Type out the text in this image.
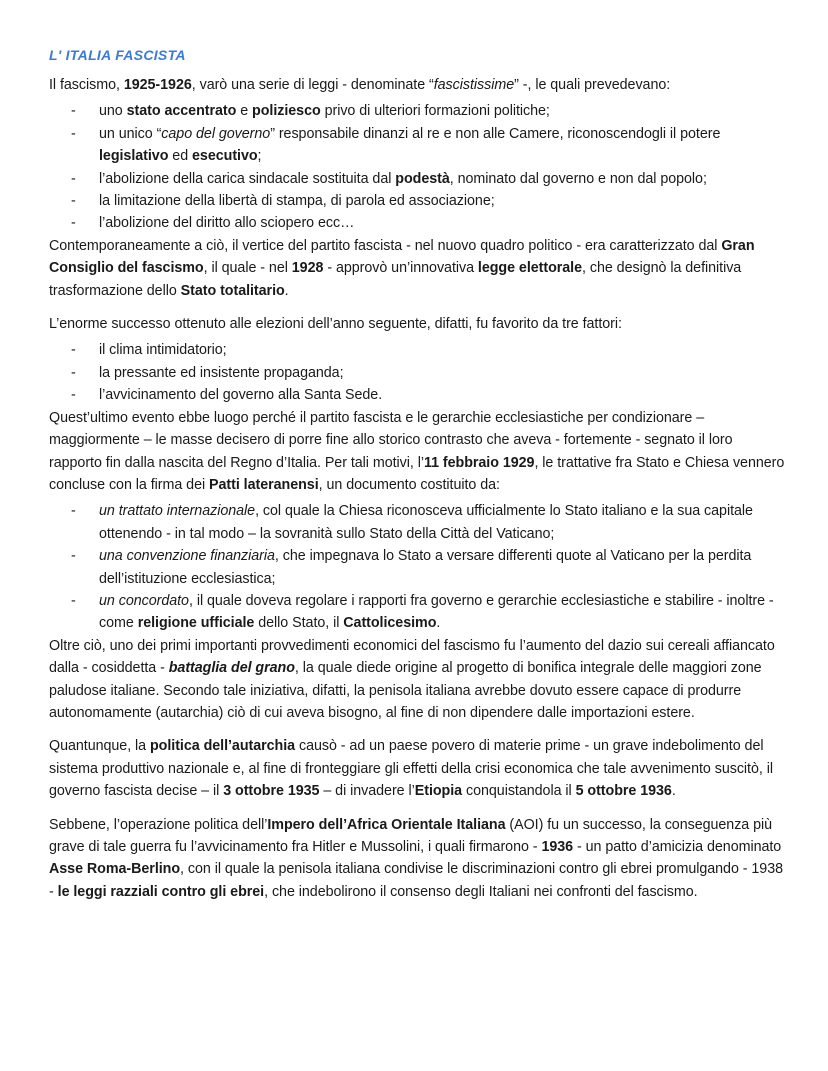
L' ITALIA FASCISTA

Il fascismo, 1925-1926, varò una serie di leggi - denominate “fascistissime” -, le quali prevedevano:

- uno stato accentrato e poliziesco privo di ulteriori formazioni politiche;
- un unico “capo del governo” responsabile dinanzi al re e non alle Camere, riconoscendogli il potere legislativo ed esecutivo;
- l’abolizione della carica sindacale sostituita dal podestà, nominato dal governo e non dal popolo;
- la limitazione della libertà di stampa, di parola ed associazione;
- l’abolizione del diritto allo sciopero ecc…

Contemporaneamente a ciò, il vertice del partito fascista - nel nuovo quadro politico - era caratterizzato dal Gran Consiglio del fascismo, il quale - nel 1928 - approvò un’innovativa legge elettorale, che designò la definitiva trasformazione dello Stato totalitario.

L’enorme successo ottenuto alle elezioni dell’anno seguente, difatti, fu favorito da tre fattori:

- il clima intimidatorio;
- la pressante ed insistente propaganda;
- l’avvicinamento del governo alla Santa Sede.

Quest’ultimo evento ebbe luogo perché il partito fascista e le gerarchie ecclesiastiche per condizionare – maggiormente – le masse decisero di porre fine allo storico contrasto che aveva - fortemente - segnato il loro rapporto fin dalla nascita del Regno d’Italia. Per tali motivi, l’11 febbraio 1929, le trattative fra Stato e Chiesa vennero concluse con la firma dei Patti lateranensi, un documento costituito da:

- un trattato internazionale, col quale la Chiesa riconosceva ufficialmente lo Stato italiano e la sua capitale ottenendo - in tal modo – la sovranità sullo Stato della Città del Vaticano;
- una convenzione finanziaria, che impegnava lo Stato a versare differenti quote al Vaticano per la perdita dell’istituzione ecclesiastica;
- un concordato, il quale doveva regolare i rapporti fra governo e gerarchie ecclesiastiche e stabilire - inoltre - come religione ufficiale dello Stato, il Cattolicesimo.

Oltre ciò, uno dei primi importanti provvedimenti economici del fascismo fu l’aumento del dazio sui cereali affiancato dalla - cosiddetta - battaglia del grano, la quale diede origine al progetto di bonifica integrale delle maggiori zone paludose italiane. Secondo tale iniziativa, difatti, la penisola italiana avrebbe dovuto essere capace di produrre autonomamente (autarchia) ciò di cui aveva bisogno, al fine di non dipendere dalle importazioni estere.

Quantunque, la politica dell’autarchia causò - ad un paese povero di materie prime - un grave indebolimento del sistema produttivo nazionale e, al fine di fronteggiare gli effetti della crisi economica che tale avvenimento suscitò, il governo fascista decise – il 3 ottobre 1935 – di invadere l’Etiopia conquistandola il 5 ottobre 1936.

Sebbene, l’operazione politica dell’Impero dell’Africa Orientale Italiana (AOI) fu un successo, la conseguenza più grave di tale guerra fu l’avvicinamento fra Hitler e Mussolini, i quali firmarono - 1936 - un patto d’amicizia denominato Asse Roma-Berlino, con il quale la penisola italiana condivise le discriminazioni contro gli ebrei promulgando - 1938 - le leggi razziali contro gli ebrei, che indebolirono il consenso degli Italiani nei confronti del fascismo.
